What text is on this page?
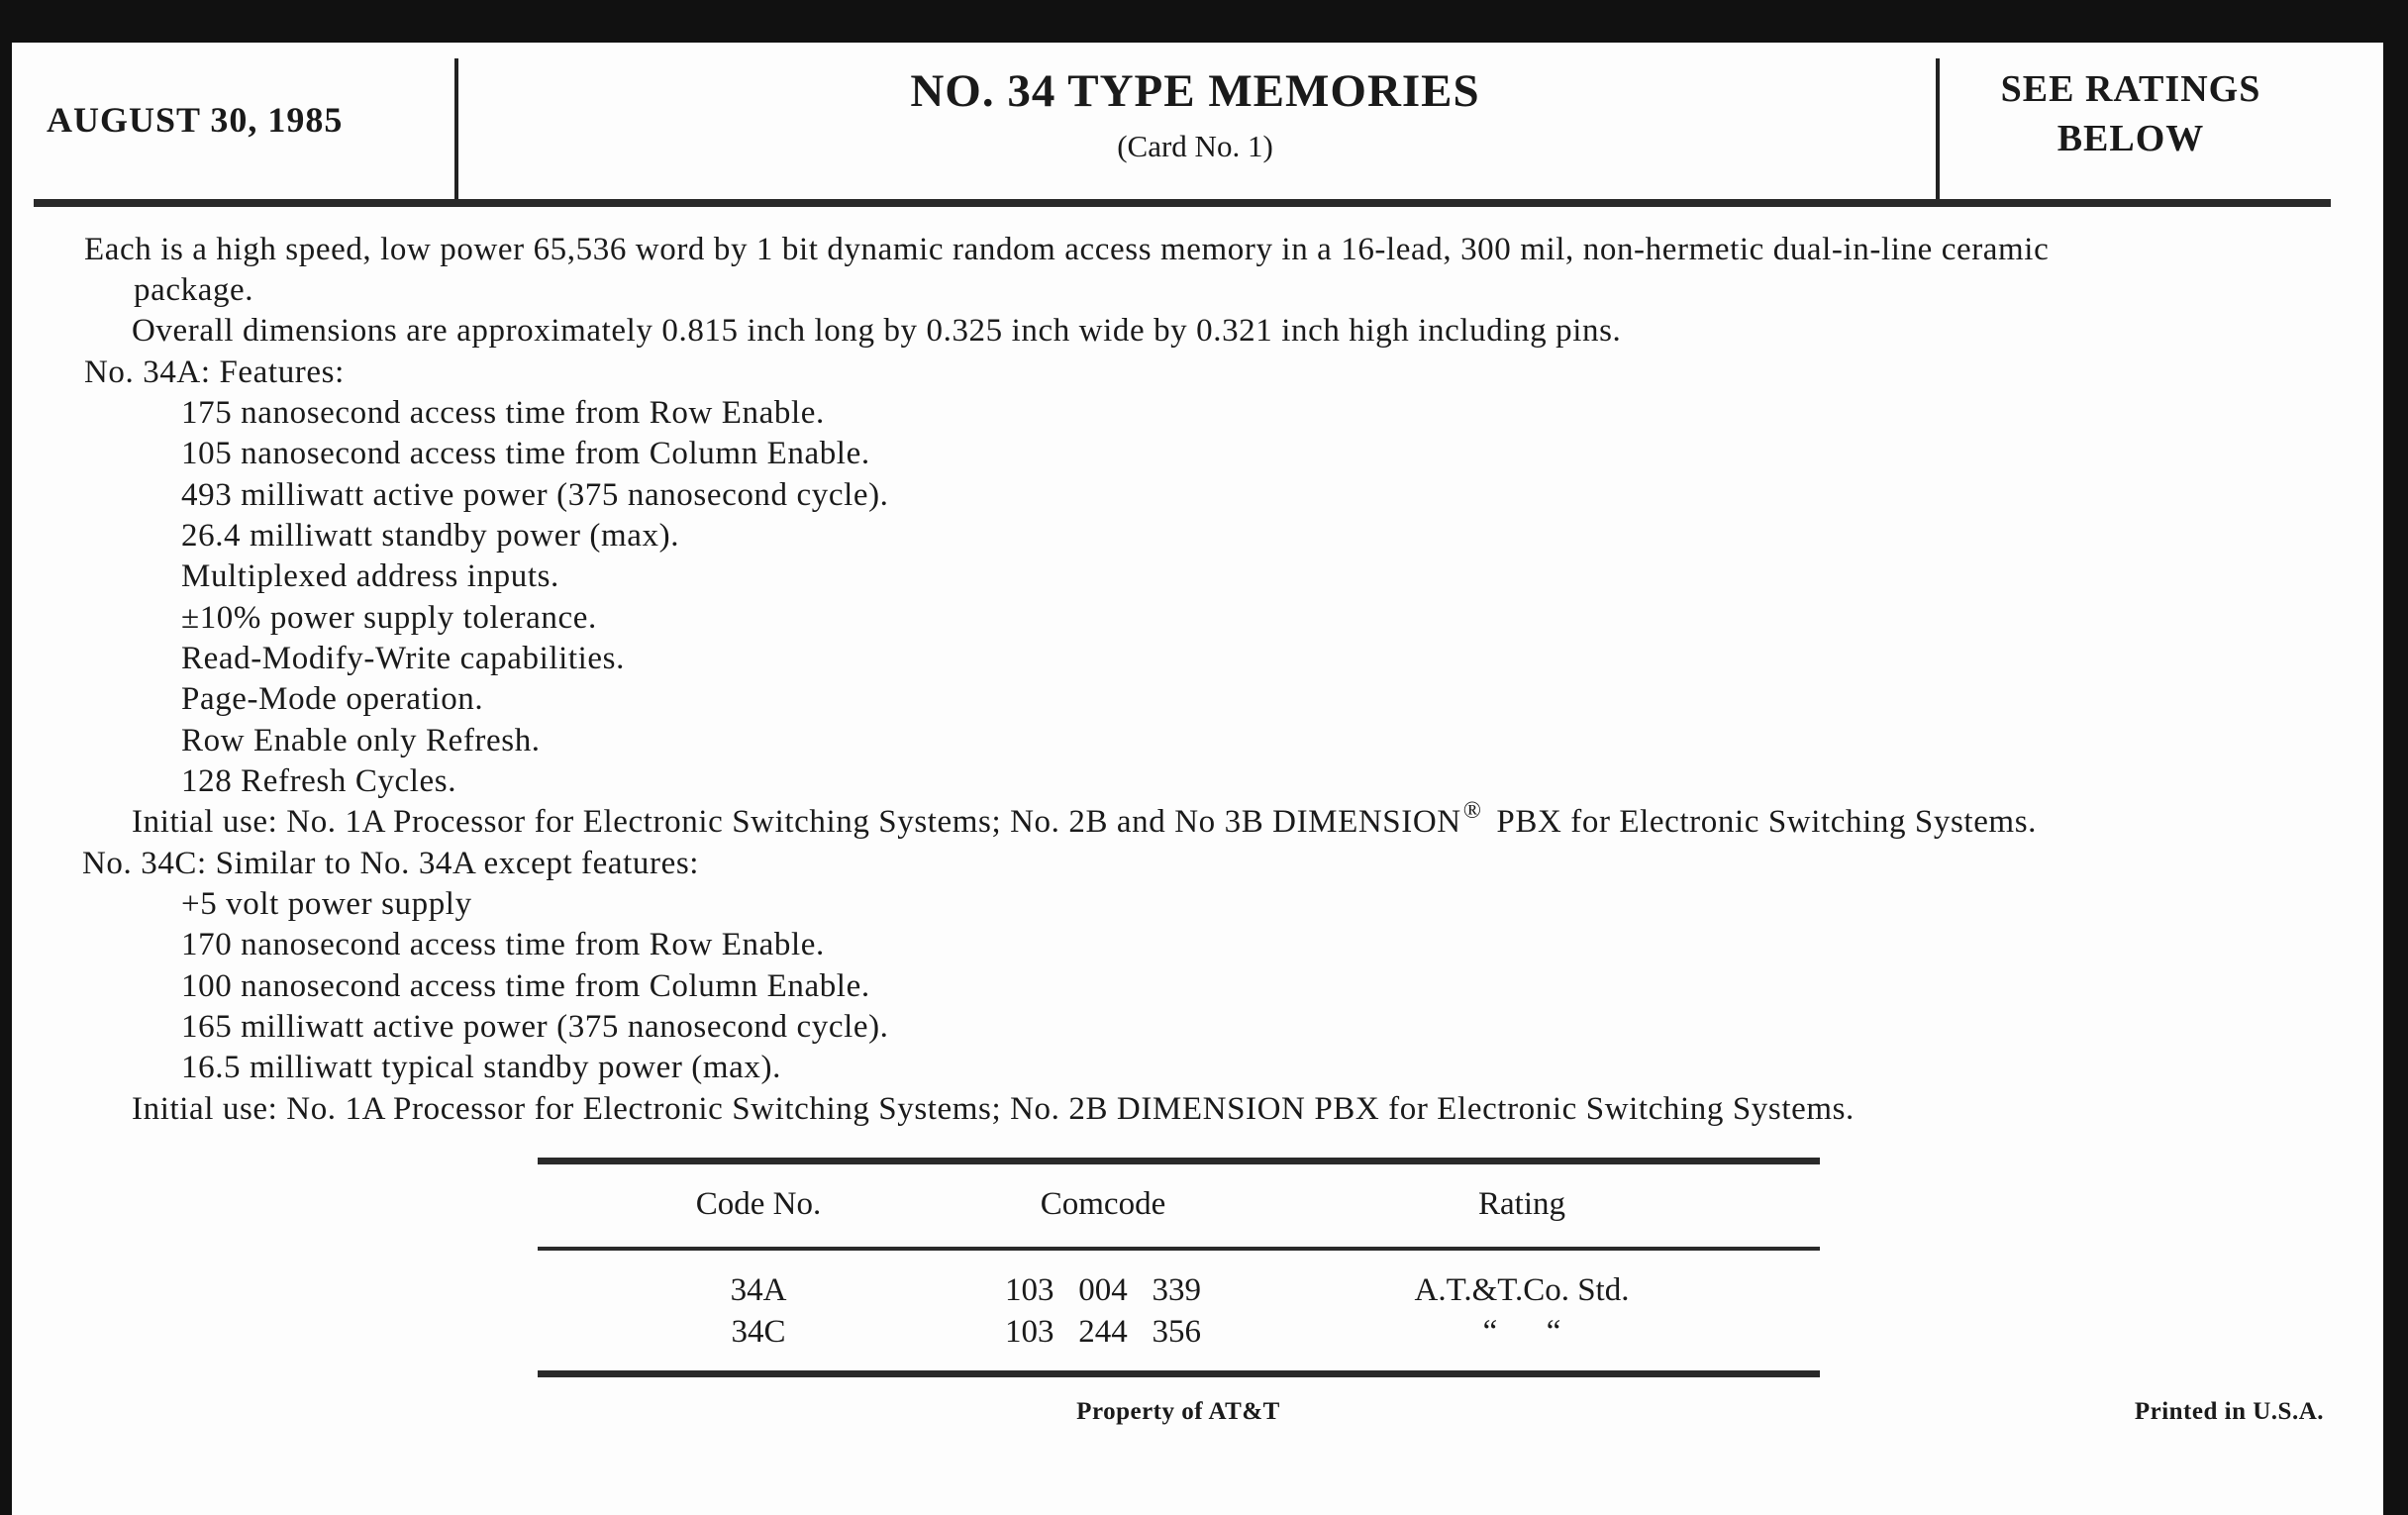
AUGUST 30, 1985
NO. 34 TYPE MEMORIES
(Card No. 1)
SEE RATINGS
BELOW
Each is a high speed, low power 65,536 word by 1 bit dynamic random access memory in a 16-lead, 300 mil, non-hermetic dual-in-line ceramic
package.
Overall dimensions are approximately 0.815 inch long by 0.325 inch wide by 0.321 inch high including pins.
No. 34A: Features:
175 nanosecond access time from Row Enable.
105 nanosecond access time from Column Enable.
493 milliwatt active power (375 nanosecond cycle).
26.4 milliwatt standby power (max).
Multiplexed address inputs.
±10% power supply tolerance.
Read-Modify-Write capabilities.
Page-Mode operation.
Row Enable only Refresh.
128 Refresh Cycles.
Initial use: No. 1A Processor for Electronic Switching Systems; No. 2B and No 3B DIMENSION® PBX for Electronic Switching Systems.
No. 34C: Similar to No. 34A except features:
+5 volt power supply
170 nanosecond access time from Row Enable.
100 nanosecond access time from Column Enable.
165 milliwatt active power (375 nanosecond cycle).
16.5 milliwatt typical standby power (max).
Initial use: No. 1A Processor for Electronic Switching Systems; No. 2B DIMENSION PBX for Electronic Switching Systems.
Code No.	Comcode	Rating
34A	103   004   339	A.T.&T.Co. Std.
34C	103   244   356	“      “
Property of AT&T	Printed in U.S.A.
